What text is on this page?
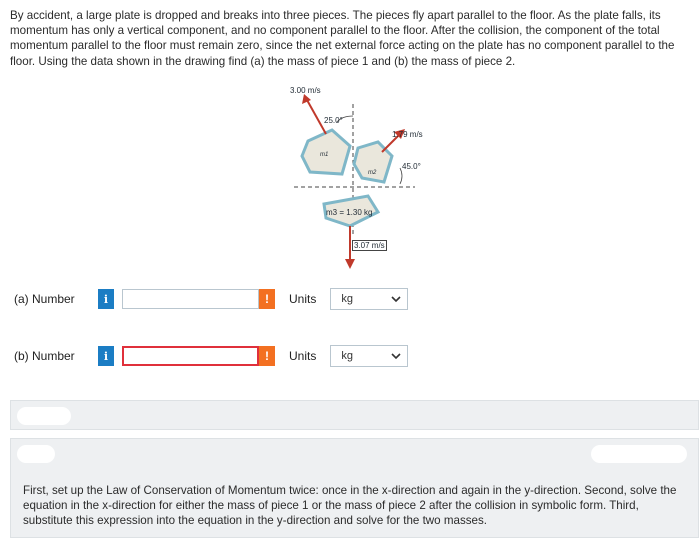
By accident, a large plate is dropped and breaks into three pieces. The pieces fly apart parallel to the floor. As the plate falls, its momentum has only a vertical component, and no component parallel to the floor. After the collision, the component of the total momentum parallel to the floor must remain zero, since the net external force acting on the plate has no component parallel to the floor. Using the data shown in the drawing find (a) the mass of piece 1 and (b) the mass of piece 2.
3.00 m/s
25.0°
m1
1.79 m/s
45.0°
m2
m3 = 1.30 kg
3.07 m/s
(a) Number	i	!	Units kg
(b) Number	i	!	Units kg
First, set up the Law of Conservation of Momentum twice: once in the x-direction and again in the y-direction. Second, solve the equation in the x-direction for either the mass of piece 1 or the mass of piece 2 after the collision in symbolic form. Third, substitute this expression into the equation in the y-direction and solve for the two masses.
